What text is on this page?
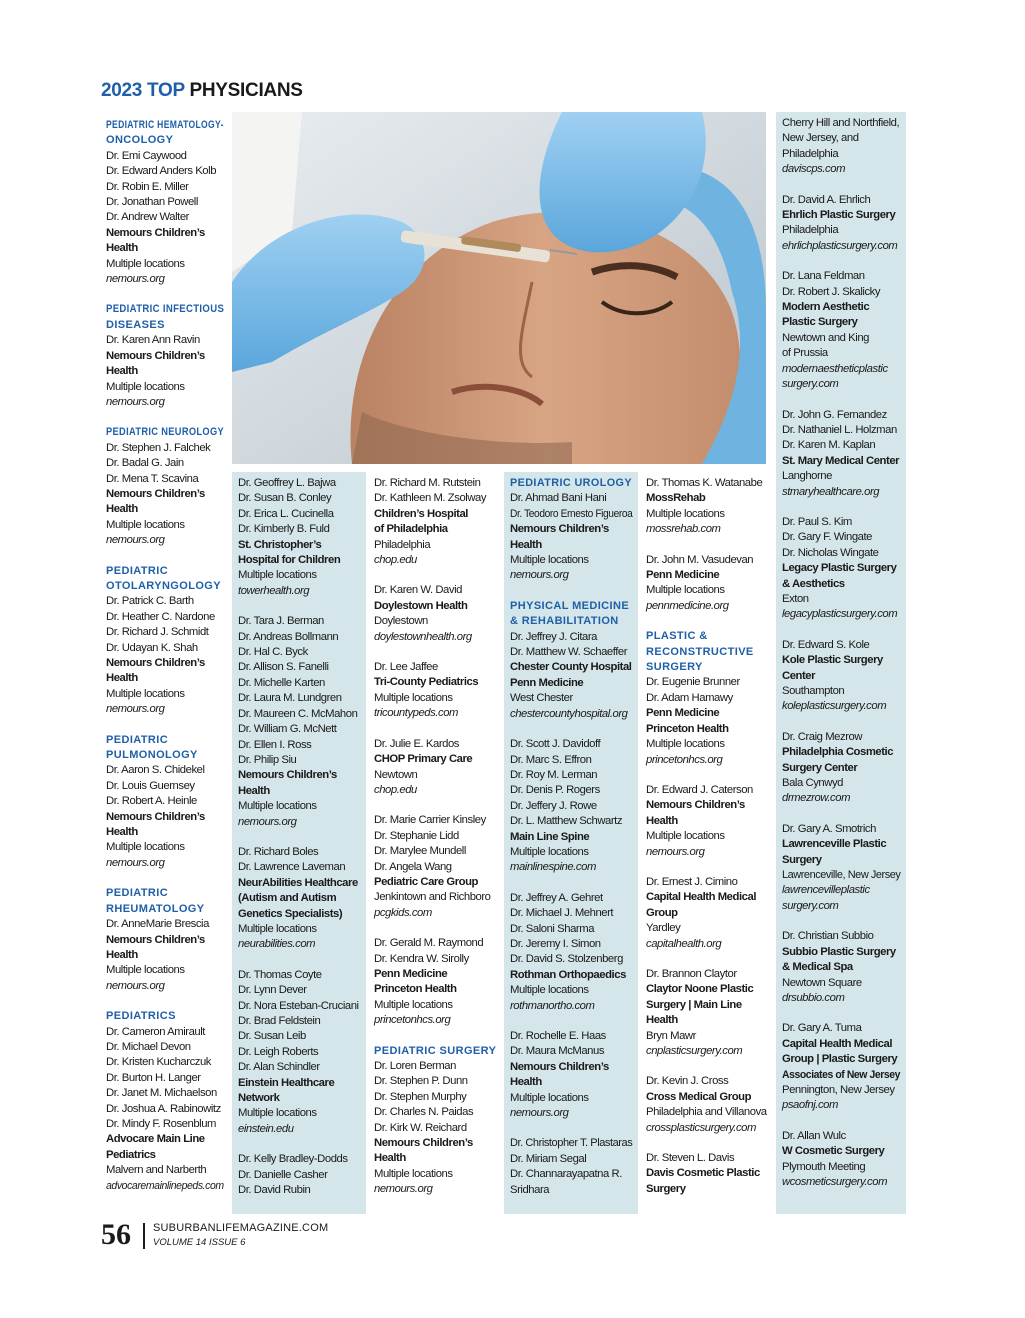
2023 TOP PHYSICIANS
PEDIATRIC HEMATOLOGY-
ONCOLOGY
Dr. Emi Caywood
Dr. Edward Anders Kolb
Dr. Robin E. Miller
Dr. Jonathan Powell
Dr. Andrew Walter
Nemours Children’s
Health
Multiple locations
nemours.org
PEDIATRIC INFECTIOUS
DISEASES
Dr. Karen Ann Ravin
Nemours Children’s
Health
Multiple locations
nemours.org
PEDIATRIC NEUROLOGY
Dr. Stephen J. Falchek
Dr. Badal G. Jain
Dr. Mena T. Scavina
Nemours Children’s
Health
Multiple locations
nemours.org
PEDIATRIC
OTOLARYNGOLOGY
Dr. Patrick C. Barth
Dr. Heather C. Nardone
Dr. Richard J. Schmidt
Dr. Udayan K. Shah
Nemours Children’s
Health
Multiple locations
nemours.org
PEDIATRIC
PULMONOLOGY
Dr. Aaron S. Chidekel
Dr. Louis Guernsey
Dr. Robert A. Heinle
Nemours Children’s
Health
Multiple locations
nemours.org
PEDIATRIC
RHEUMATOLOGY
Dr. AnneMarie Brescia
Nemours Children’s
Health
Multiple locations
nemours.org
PEDIATRICS
Dr. Cameron Amirault
Dr. Michael Devon
Dr. Kristen Kucharczuk
Dr. Burton H. Langer
Dr. Janet M. Michaelson
Dr. Joshua A. Rabinowitz
Dr. Mindy F. Rosenblum
Advocare Main Line
Pediatrics
Malvern and Narberth
advocaremainlinepeds.com
Dr. Geoffrey L. Bajwa
Dr. Susan B. Conley
Dr. Erica L. Cucinella
Dr. Kimberly B. Fuld
St. Christopher’s
Hospital for Children
Multiple locations
towerhealth.org
Dr. Tara J. Berman
Dr. Andreas Bollmann
Dr. Hal C. Byck
Dr. Allison S. Fanelli
Dr. Michelle Karten
Dr. Laura M. Lundgren
Dr. Maureen C. McMahon
Dr. William G. McNett
Dr. Ellen I. Ross
Dr. Philip Siu
Nemours Children’s
Health
Multiple locations
nemours.org
Dr. Richard Boles
Dr. Lawrence Laveman
NeurAbilities Healthcare
(Autism and Autism
Genetics Specialists)
Multiple locations
neurabilities.com
Dr. Thomas Coyte
Dr. Lynn Dever
Dr. Nora Esteban-Cruciani
Dr. Brad Feldstein
Dr. Susan Leib
Dr. Leigh Roberts
Dr. Alan Schindler
Einstein Healthcare
Network
Multiple locations
einstein.edu
Dr. Kelly Bradley-Dodds
Dr. Danielle Casher
Dr. David Rubin
Dr. Richard M. Rutstein
Dr. Kathleen M. Zsolway
Children’s Hospital
of Philadelphia
Philadelphia
chop.edu
Dr. Karen W. David
Doylestown Health
Doylestown
doylestownhealth.org
Dr. Lee Jaffee
Tri-County Pediatrics
Multiple locations
tricountypeds.com
Dr. Julie E. Kardos
CHOP Primary Care
Newtown
chop.edu
Dr. Marie Carrier Kinsley
Dr. Stephanie Lidd
Dr. Marylee Mundell
Dr. Angela Wang
Pediatric Care Group
Jenkintown and Richboro
pcgkids.com
Dr. Gerald M. Raymond
Dr. Kendra W. Sirolly
Penn Medicine
Princeton Health
Multiple locations
princetonhcs.org
PEDIATRIC SURGERY
Dr. Loren Berman
Dr. Stephen P. Dunn
Dr. Stephen Murphy
Dr. Charles N. Paidas
Dr. Kirk W. Reichard
Nemours Children’s
Health
Multiple locations
nemours.org
PEDIATRIC UROLOGY
Dr. Ahmad Bani Hani
Dr. Teodoro Ernesto Figueroa
Nemours Children’s
Health
Multiple locations
nemours.org
PHYSICAL MEDICINE
& REHABILITATION
Dr. Jeffrey J. Citara
Dr. Matthew W. Schaeffer
Chester County Hospital
Penn Medicine
West Chester
chestercountyhospital.org
Dr. Scott J. Davidoff
Dr. Marc S. Effron
Dr. Roy M. Lerman
Dr. Denis P. Rogers
Dr. Jeffery J. Rowe
Dr. L. Matthew Schwartz
Main Line Spine
Multiple locations
mainlinespine.com
Dr. Jeffrey A. Gehret
Dr. Michael J. Mehnert
Dr. Saloni Sharma
Dr. Jeremy I. Simon
Dr. David S. Stolzenberg
Rothman Orthopaedics
Multiple locations
rothmanortho.com
Dr. Rochelle E. Haas
Dr. Maura McManus
Nemours Children’s
Health
Multiple locations
nemours.org
Dr. Christopher T. Plastaras
Dr. Miriam Segal
Dr. Channarayapatna R.
Sridhara
Dr. Thomas K. Watanabe
MossRehab
Multiple locations
mossrehab.com
Dr. John M. Vasudevan
Penn Medicine
Multiple locations
pennmedicine.org
PLASTIC &
RECONSTRUCTIVE
SURGERY
Dr. Eugenie Brunner
Dr. Adam Hamawy
Penn Medicine
Princeton Health
Multiple locations
princetonhcs.org
Dr. Edward J. Caterson
Nemours Children’s
Health
Multiple locations
nemours.org
Dr. Ernest J. Cimino
Capital Health Medical
Group
Yardley
capitalhealth.org
Dr. Brannon Claytor
Claytor Noone Plastic
Surgery | Main Line
Health
Bryn Mawr
cnplasticsurgery.com
Dr. Kevin J. Cross
Cross Medical Group
Philadelphia and Villanova
crossplasticsurgery.com
Dr. Steven L. Davis
Davis Cosmetic Plastic
Surgery
Cherry Hill and Northfield,
New Jersey, and
Philadelphia
daviscps.com
Dr. David A. Ehrlich
Ehrlich Plastic Surgery
Philadelphia
ehrlichplasticsurgery.com
Dr. Lana Feldman
Dr. Robert J. Skalicky
Modern Aesthetic
Plastic Surgery
Newtown and King
of Prussia
modernaestheticplastic
surgery.com
Dr. John G. Fernandez
Dr. Nathaniel L. Holzman
Dr. Karen M. Kaplan
St. Mary Medical Center
Langhorne
stmaryhealthcare.org
Dr. Paul S. Kim
Dr. Gary F. Wingate
Dr. Nicholas Wingate
Legacy Plastic Surgery
& Aesthetics
Exton
legacyplasticsurgery.com
Dr. Edward S. Kole
Kole Plastic Surgery
Center
Southampton
koleplasticsurgery.com
Dr. Craig Mezrow
Philadelphia Cosmetic
Surgery Center
Bala Cynwyd
drmezrow.com
Dr. Gary A. Smotrich
Lawrenceville Plastic
Surgery
Lawrenceville, New Jersey
lawrencevilleplastic
surgery.com
Dr. Christian Subbio
Subbio Plastic Surgery
& Medical Spa
Newtown Square
drsubbio.com
Dr. Gary A. Tuma
Capital Health Medical
Group | Plastic Surgery
Associates of New Jersey
Pennington, New Jersey
psaofnj.com
Dr. Allan Wulc
W Cosmetic Surgery
Plymouth Meeting
wcosmeticsurgery.com
56 SUBURBANLIFEMAGAZINE.COM
VOLUME 14 ISSUE 6
